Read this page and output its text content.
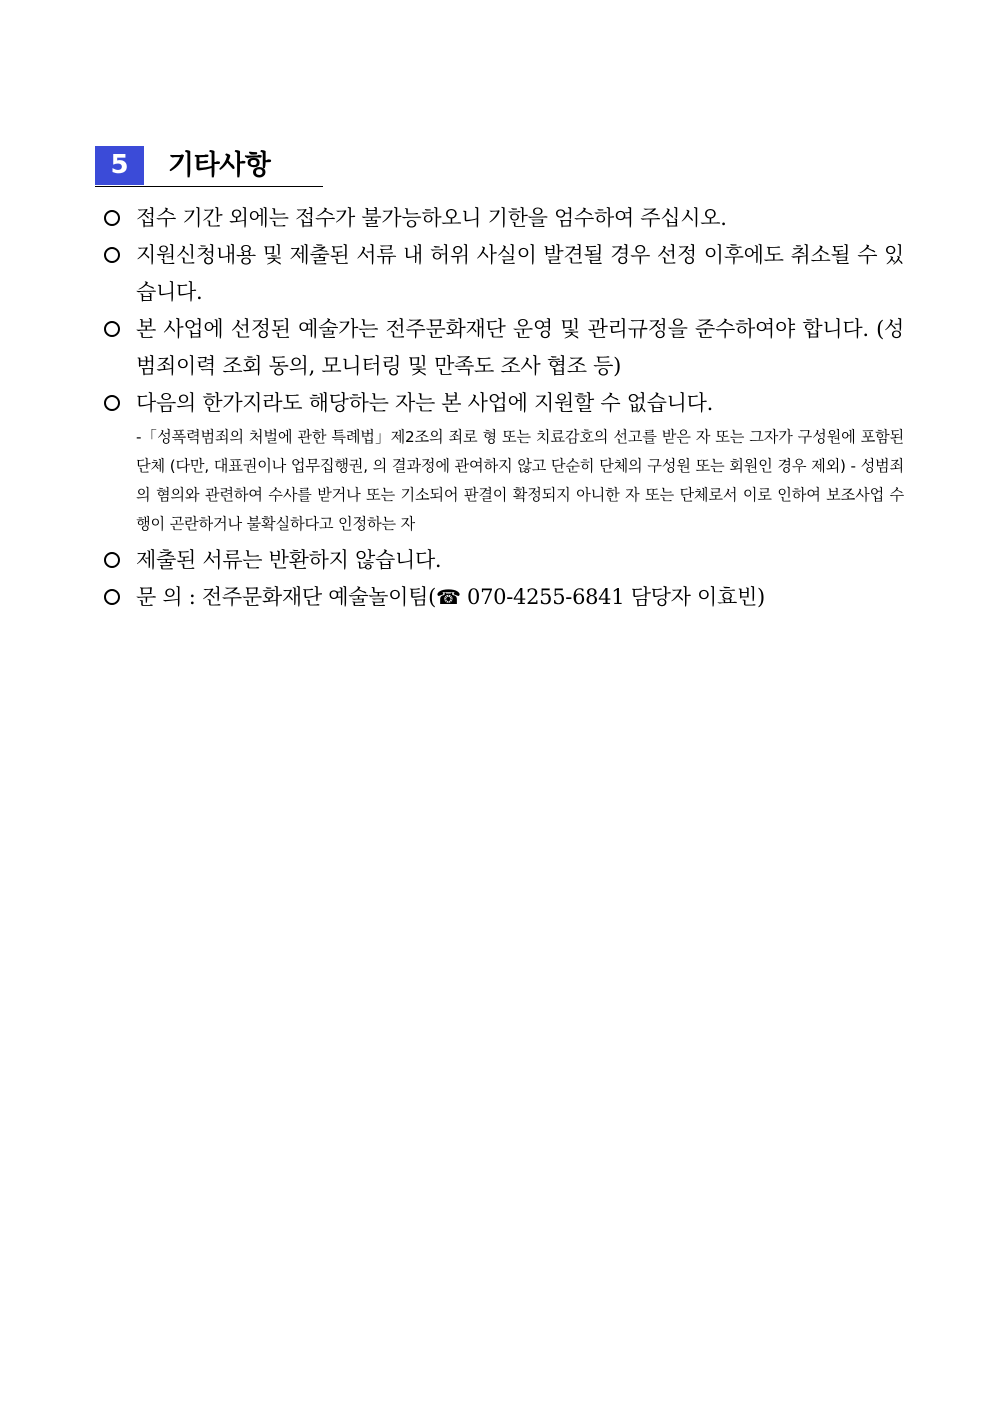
5	기타사항
접수 기간 외에는 접수가 불가능하오니 기한을 엄수하여 주십시오.
지원신청내용 및 제출된 서류 내 허위 사실이 발견될 경우 선정 이후에도 취소될 수 있습니다.
본 사업에 선정된 예술가는 전주문화재단 운영 및 관리규정을 준수하여야 합니다. (성범죄이력 조회 동의, 모니터링 및 만족도 조사 협조 등)
다음의 한가지라도 해당하는 자는 본 사업에 지원할 수 없습니다.
-「성폭력범죄의 처벌에 관한 특례법」제2조의 죄로 형 또는 치료감호의 선고를 받은 자 또는 그자가 구성원에 포함된 단체 (다만, 대표권이나 업무집행권, 의 결과정에 관여하지 않고 단순히 단체의 구성원 또는 회원인 경우 제외) - 성범죄의 혐의와 관련하여 수사를 받거나 또는 기소되어 판결이 확정되지 아니한 자 또는 단체로서 이로 인하여 보조사업 수행이 곤란하거나 불확실하다고 인정하는 자
제출된 서류는 반환하지 않습니다.
문 의 : 전주문화재단 예술놀이팀(☎ 070-4255-6841 담당자 이효빈)
